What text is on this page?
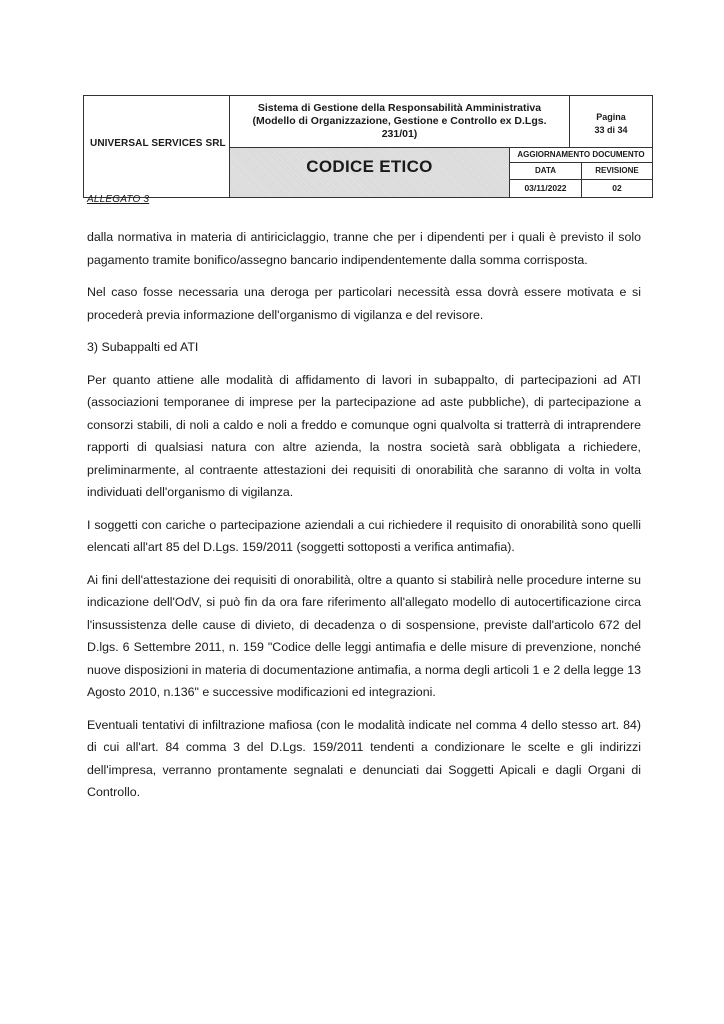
UNIVERSAL SERVICES SRL
Sistema di Gestione della Responsabilità Amministrativa
(Modello di Organizzazione, Gestione e Controllo ex D.Lgs.
231/01)
Pagina
33 di 34
CODICE ETICO
AGGIORNAMENTO DOCUMENTO
DATA	REVISIONE
03/11/2022	02
ALLEGATO 3

dalla normativa in materia di antiriciclaggio, tranne che per i dipendenti per i quali è previsto il solo pagamento tramite bonifico/assegno bancario indipendentemente dalla somma corrisposta.

Nel caso fosse necessaria una deroga per particolari necessità essa dovrà essere motivata e si procederà previa informazione dell'organismo di vigilanza e del revisore.

3) Subappalti ed ATI

Per quanto attiene alle modalità di affidamento di lavori in subappalto, di partecipazioni ad ATI (associazioni temporanee di imprese per la partecipazione ad aste pubbliche), di partecipazione a consorzi stabili, di noli a caldo e noli a freddo e comunque ogni qualvolta si tratterrà di intraprendere rapporti di qualsiasi natura con altre azienda, la nostra società sarà obbligata a richiedere, preliminarmente, al contraente attestazioni dei requisiti di onorabilità che saranno di volta in volta individuati dell'organismo di vigilanza.

I soggetti con cariche o partecipazione aziendali a cui richiedere il requisito di onorabilità sono quelli elencati all'art 85 del D.Lgs. 159/2011 (soggetti sottoposti a verifica antimafia).

Ai fini dell'attestazione dei requisiti di onorabilità, oltre a quanto si stabilirà nelle procedure interne su indicazione dell'OdV, si può fin da ora fare riferimento all'allegato modello di autocertificazione circa l'insussistenza delle cause di divieto, di decadenza o di sospensione, previste dall'articolo 672 del D.lgs. 6 Settembre 2011, n. 159 "Codice delle leggi antimafia e delle misure di prevenzione, nonché nuove disposizioni in materia di documentazione antimafia, a norma degli articoli 1 e 2 della legge 13 Agosto 2010, n.136" e successive modificazioni ed integrazioni.

Eventuali tentativi di infiltrazione mafiosa (con le modalità indicate nel comma 4 dello stesso art. 84) di cui all'art. 84 comma 3 del D.Lgs. 159/2011 tendenti a condizionare le scelte e gli indirizzi dell'impresa, verranno prontamente segnalati e denunciati dai Soggetti Apicali e dagli Organi di Controllo.
